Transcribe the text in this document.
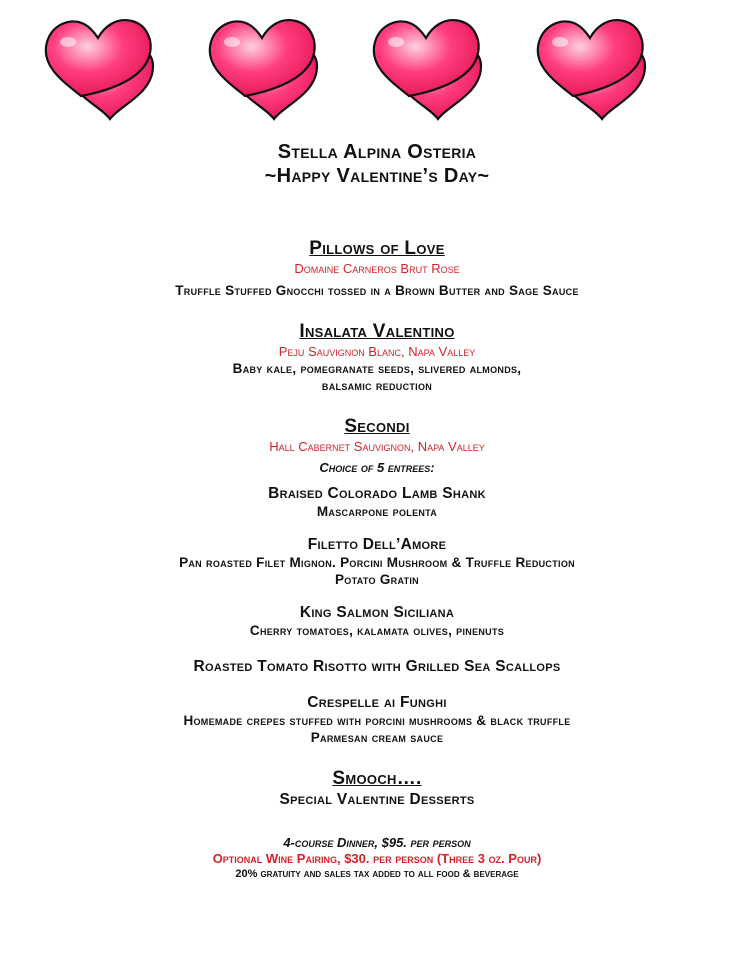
Stella Alpina Osteria

~Happy Valentine’s Day~

Pillows of Love

Domaine Carneros Brut Rose

Truffle Stuffed Gnocchi tossed in a Brown Butter and Sage Sauce

Insalata Valentino

Peju Sauvignon Blanc, Napa Valley

Baby kale, pomegranate seeds, slivered almonds,

balsamic reduction

Secondi

Hall Cabernet Sauvignon, Napa Valley

Choice of 5 entrees:

Braised Colorado Lamb Shank

Mascarpone polenta

Filetto Dell’Amore

Pan roasted Filet Mignon. Porcini Mushroom & Truffle Reduction

Potato Gratin

King Salmon Siciliana

Cherry tomatoes, kalamata olives, pinenuts

Roasted Tomato Risotto with Grilled Sea Scallops

Crespelle ai Funghi

Homemade crepes stuffed with porcini mushrooms & black truffle

Parmesan cream sauce

Smooch….

Special Valentine Desserts

4-course Dinner, $95. per person

Optional Wine Pairing, $30. per person (Three 3 oz. Pour)

20% gratuity and sales tax added to all food & beverage
